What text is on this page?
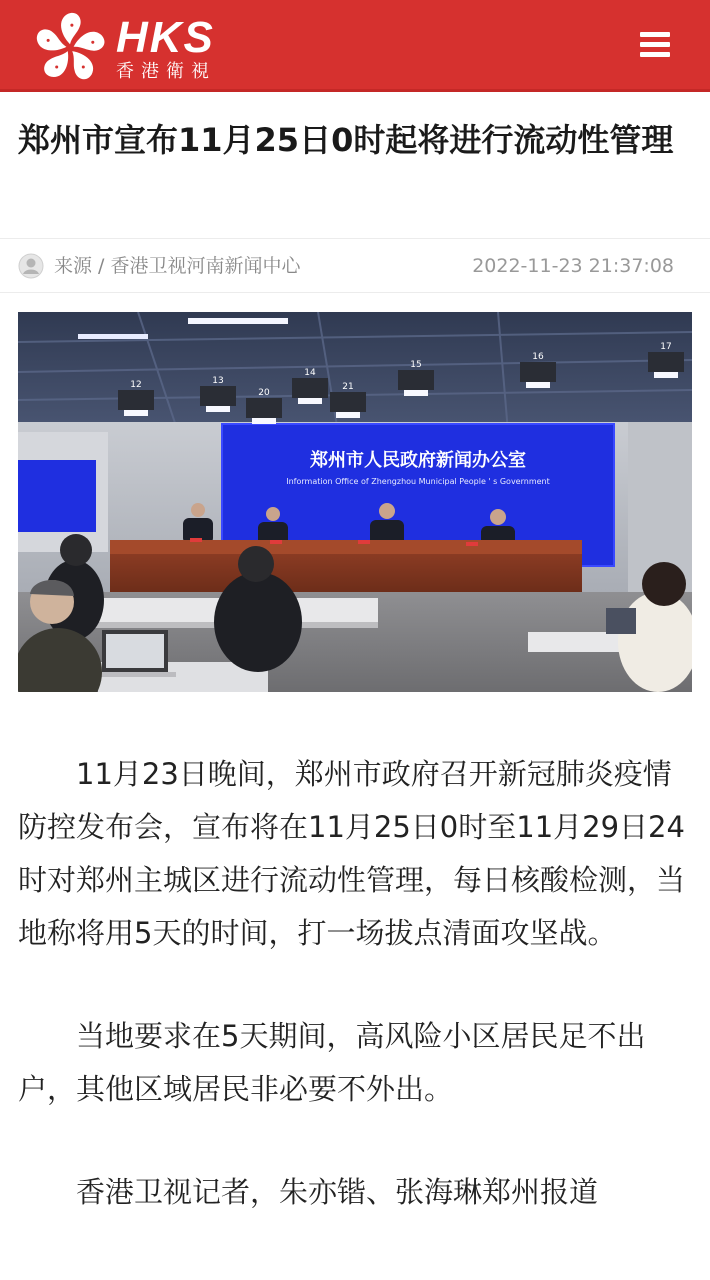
HKS
香港衛視
郑州市宣布11月25日0时起将进行流动性管理
来源 / 香港卫视河南新闻中心	2022-11-23 21:37:08
郑州市人民政府新闻办公室
Information Office of Zhengzhou Municipal People ' s Government
12	13
14
15
16
17
20
21

11月23日晚间，郑州市政府召开新冠肺炎疫情防控发布会，宣布将在11月25日0时至11月29日24时对郑州主城区进行流动性管理，每日核酸检测，当地称将用5天的时间，打一场拔点清面攻坚战。

当地要求在5天期间，高风险小区居民足不出户，其他区域居民非必要不外出。

香港卫视记者，朱亦锴、张海琳郑州报道
